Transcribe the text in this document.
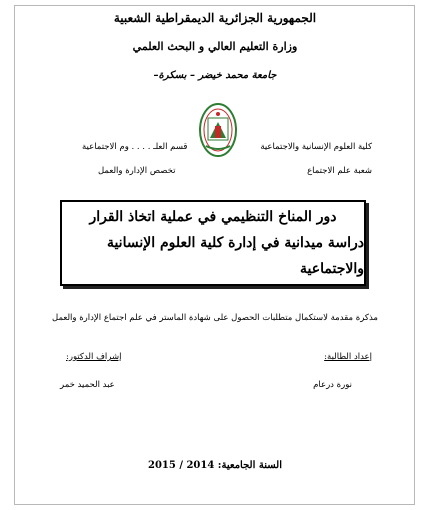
الجمهورية الجزائرية الديمقراطية الشعبية
وزارة التعليم العالي و البحث العلمي
جامعة محمد خيضر – بسكرة–
كلية العلوم الإنسانية والاجتماعية
شعبة علم الاجتماع
قسم العلـ . . . . وم الاجتماعية
تخصص الإدارة والعمل
دور المناخ التنظيمي في عملية اتخاذ القرار
دراسة ميدانية في إدارة كلية العلوم الإنسانية والاجتماعية
مذكرة مقدمة لاستكمال متطلبات الحصول على شهادة الماستر في علم اجتماع الإدارة والعمل
إعداد الطالبة:
إشراف الدكتور:
نورة درعام
عبد الحميد خمر
السنة الجامعية: 2014 / 2015
